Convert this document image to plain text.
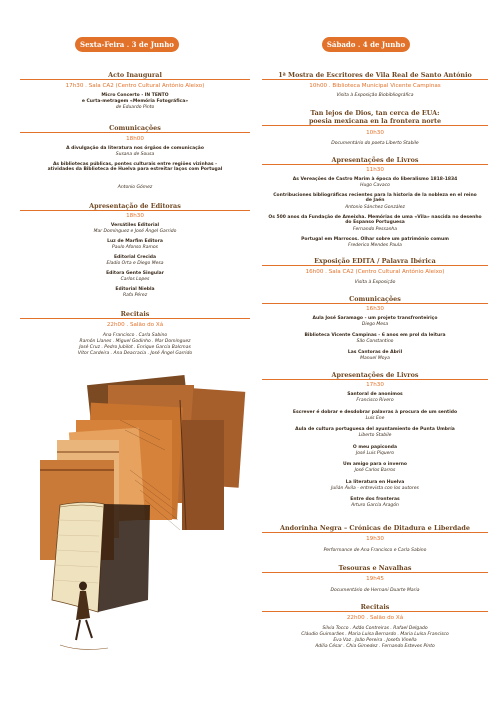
Sexta-Feira . 3 de Junho
Acto Inaugural
17h30 . Sala CA2 (Centro Cultural António Aleixo)
Micro Concerto - IN TENTO
e Curta-metragem «Memória Fotográfica»
de Eduardo Pinto
Comunicações
18h00
A divulgação da literatura nos órgãos de comunicação
Susana de Sousa
As bibliotecas públicas, pontes culturais entre regiões vizinhas - atividades da Biblioteca de Huelva para estreitar laços com Portugal
Antonio Gómez
Apresentação de Editoras
18h30
Versátiles Editorial
Mar Domínguez e José Ángel Garrido
Luz de Marfim Editora
Paulo Afonso Ramos
Editorial Crecida
Eladio Orta e Diego Mesa
Editora Gente Singular
Carlos Lopes
Editorial Niebla
Rafa Pérez
Recitais
22h00 . Salão do Xá
Ana Francisco . Carla Sabino
Ramón Llanes . Miguel Godinho . Mar Domínguez
José Cruz . Pedro Jubilot . Enrique Garcia Balcmas
Vítor Cardeira . Ana Deacracia . José Ángel Garrido
Sábado . 4 de Junho
1ª Mostra de Escritores de Vila Real de Santo António
10h00 . Biblioteca Municipal Vicente Campinas
Visita à Exposição Biobibliográfica
Tan lejos de Dios, tan cerca de EUA:
poesia mexicana en la frontera norte
10h30
Documentário do poeta Liberto Stabile
Apresentações de Livros
11h30
As Vereações de Castro Marim à época do liberalismo 1818-1834
Hugo Cavaco
Contribuciones bibliográficas recientes para la historia de la nobleza en el reino de Jaén
Antonio Sánchez González
Os 500 anos da Fundação de Ameixha. Memórias de uma «Vila» nascida no desenho do Espanso Portuguesa
Fernando Pessanha
Portugal em Marrocos. Olhar sobre um património comum
Frederico Mendes Paula
Exposição EDITA / Palavra Ibérica
16h00 . Sala CA2 (Centro Cultural António Aleixo)
Visita à Exposição
Comunicações
16h30
Aula José Saramago - um projeto transfronteiriço
Diego Mesa
Biblioteca Vicente Campinas - 6 anos em prol da leitura
São Constantino
Las Cantoras de Abril
Manuel Moya
Apresentações de Livros
17h30
Santoral de anonimos
Francisco Rivero
Escrever é dobrar e desdobrar palavras à procura de um sentido
Luís Ene
Aula de cultura portuguesa del ayuntamiento de Punta Umbría
Liberto Stabile
O meu papiconda
José Luis Piquero
Um amigo para o inverno
José Carlos Barros
La literatura en Huelva
Julián Ávila - entrevista con los autores
Entre dos fronteras
Arturo García Aragón
Andorinha Negra – Crónicas de Ditadura e Liberdade
19h30
Performance de Ana Francisco e Carla Sabino
Tesouras e Navalhas
19h45
Documentário de Hernani Duarte Maria
Recitais
22h00 . Salão do Xá
Silvia Tocco . Adão Contreiras . Rafael Delgado
Cláudio Guimarães . Maria Luísa Bernardo . Maria Luísa Francisco
Eva Vaz . João Pereira . Josefa Vinella
Adília César . Chia Gimedez . Fernando Esteves Pinto
